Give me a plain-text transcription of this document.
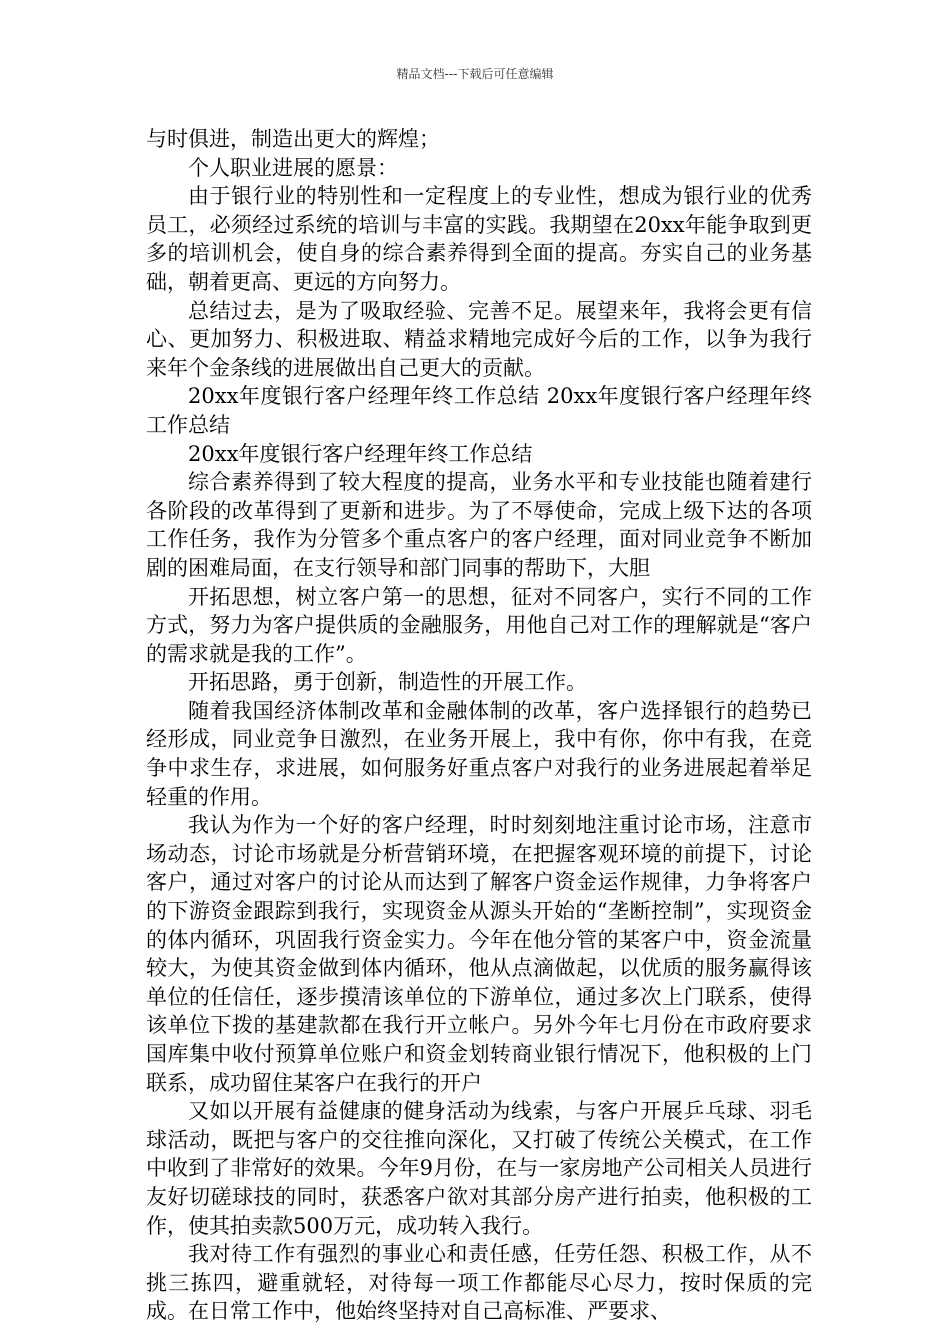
精品文档---下载后可任意编辑

与时俱进，制造出更大的辉煌；

个人职业进展的愿景：

由于银行业的特别性和一定程度上的专业性，想成为银行业的优秀员工，必须经过系统的培训与丰富的实践。我期望在20xx年能争取到更多的培训机会，使自身的综合素养得到全面的提高。夯实自己的业务基础，朝着更高、更远的方向努力。

总结过去，是为了吸取经验、完善不足。展望来年，我将会更有信心、更加努力、积极进取、精益求精地完成好今后的工作，以争为我行来年个金条线的进展做出自己更大的贡献。

20xx年度银行客户经理年终工作总结 20xx年度银行客户经理年终工作总结

20xx年度银行客户经理年终工作总结

综合素养得到了较大程度的提高，业务水平和专业技能也随着建行各阶段的改革得到了更新和进步。为了不辱使命，完成上级下达的各项工作任务，我作为分管多个重点客户的客户经理，面对同业竞争不断加剧的困难局面，在支行领导和部门同事的帮助下，大胆

开拓思想，树立客户第一的思想，征对不同客户，实行不同的工作方式，努力为客户提供质的金融服务，用他自己对工作的理解就是“客户的需求就是我的工作”。

开拓思路，勇于创新，制造性的开展工作。

随着我国经济体制改革和金融体制的改革，客户选择银行的趋势已经形成，同业竞争日激烈，在业务开展上，我中有你，你中有我，在竞争中求生存，求进展，如何服务好重点客户对我行的业务进展起着举足轻重的作用。

我认为作为一个好的客户经理，时时刻刻地注重讨论市场，注意市场动态，讨论市场就是分析营销环境，在把握客观环境的前提下，讨论客户，通过对客户的讨论从而达到了解客户资金运作规律，力争将客户的下游资金跟踪到我行，实现资金从源头开始的“垄断控制”，实现资金的体内循环，巩固我行资金实力。今年在他分管的某客户中，资金流量较大，为使其资金做到体内循环，他从点滴做起，以优质的服务赢得该单位的任信任，逐步摸清该单位的下游单位，通过多次上门联系，使得该单位下拨的基建款都在我行开立帐户。另外今年七月份在市政府要求国库集中收付预算单位账户和资金划转商业银行情况下，他积极的上门联系，成功留住某客户在我行的开户

又如以开展有益健康的健身活动为线索，与客户开展乒乓球、羽毛球活动，既把与客户的交往推向深化，又打破了传统公关模式，在工作中收到了非常好的效果。今年9月份，在与一家房地产公司相关人员进行友好切磋球技的同时，获悉客户欲对其部分房产进行拍卖，他积极的工作，使其拍卖款500万元，成功转入我行。

我对待工作有强烈的事业心和责任感，任劳任怨、积极工作，从不挑三拣四，避重就轻，对待每一项工作都能尽心尽力，按时保质的完成。在日常工作中，他始终坚持对自己高标准、严要求、
